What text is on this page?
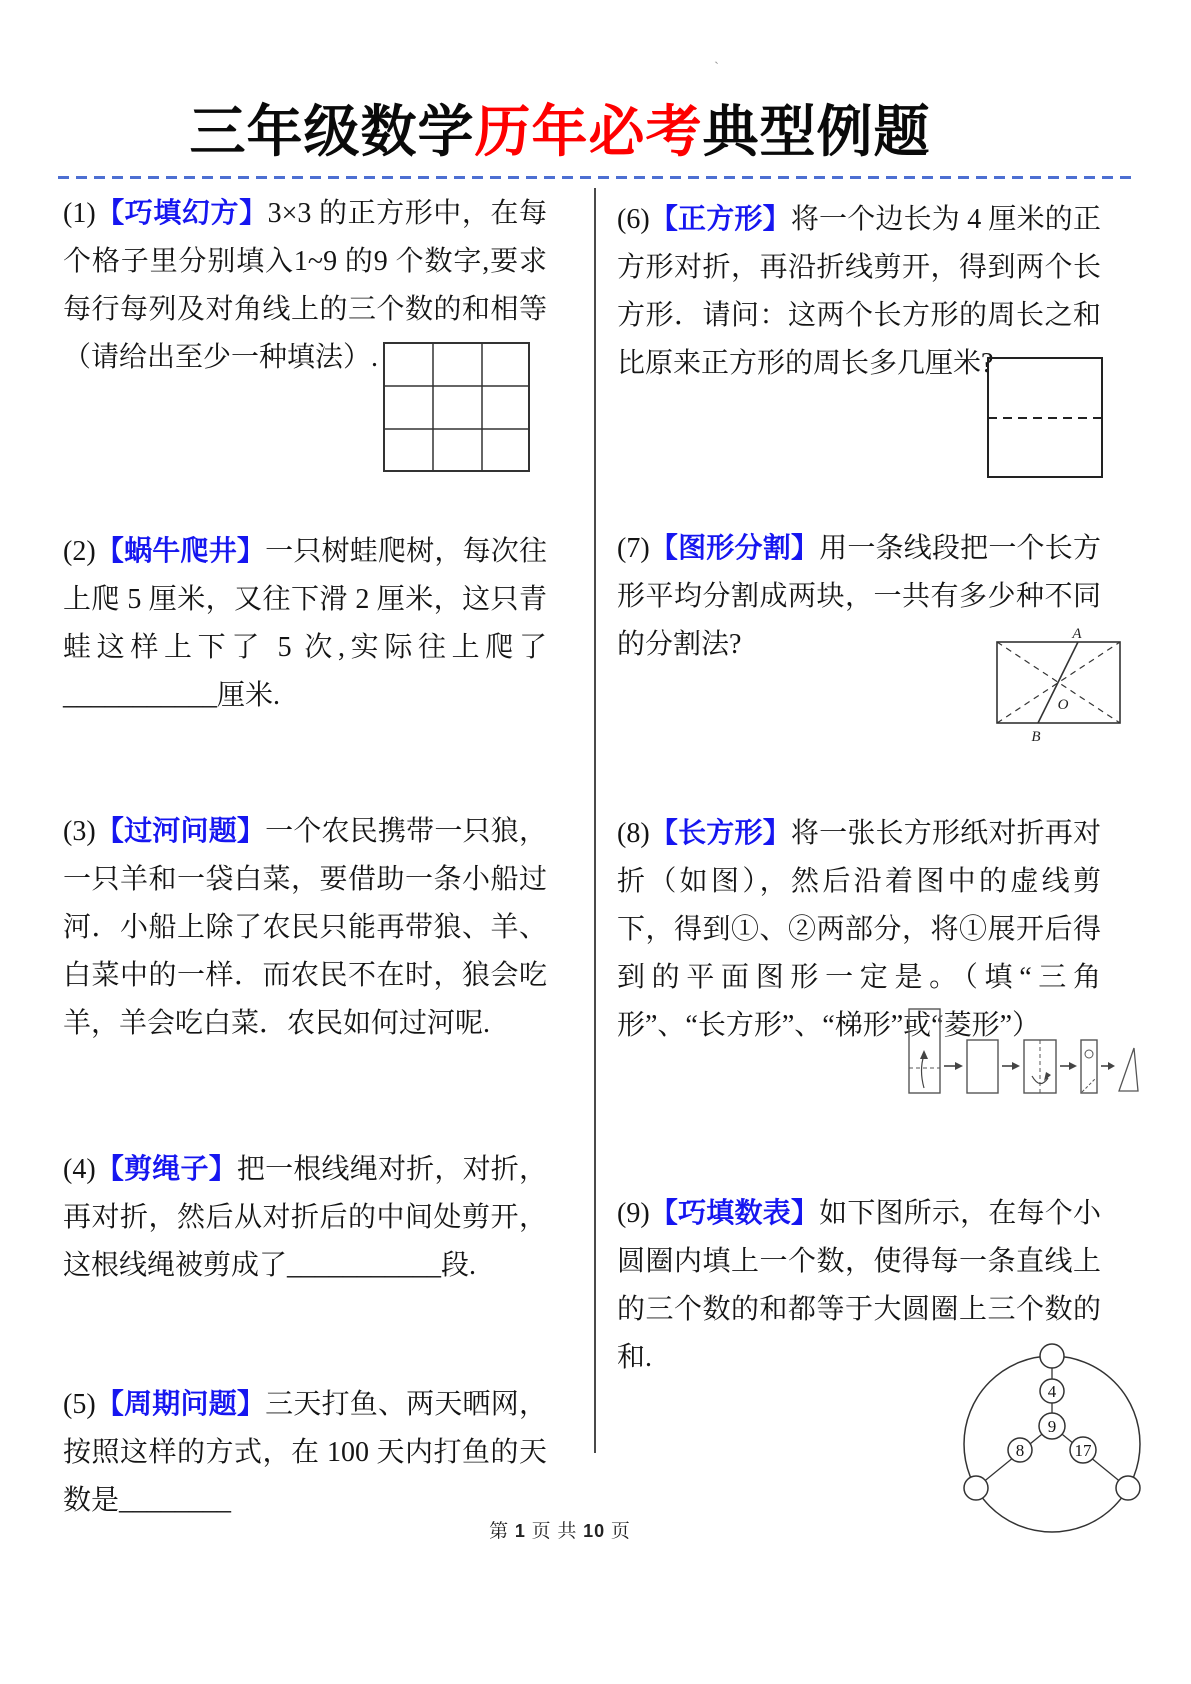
`
三年级数学历年必考典型例题
(1)【巧填幻方】3×3 的正方形中，在每个格子里分别填入1~9 的9 个数字,要求每行每列及对角线上的三个数的和相等（请给出至少一种填法）.
(2)【蜗牛爬井】一只树蛙爬树，每次往上爬 5 厘米，又往下滑 2 厘米，这只青蛙这样上下了 5 次,实际往上爬了___________厘米.
(3)【过河问题】一个农民携带一只狼，一只羊和一袋白菜，要借助一条小船过河．小船上除了农民只能再带狼、羊、白菜中的一样．而农民不在时，狼会吃羊，羊会吃白菜．农民如何过河呢.
(4)【剪绳子】把一根线绳对折，对折，再对折，然后从对折后的中间处剪开，这根线绳被剪成了___________段.
(5)【周期问题】三天打鱼、两天晒网，按照这样的方式，在 100 天内打鱼的天数是________
(6)【正方形】将一个边长为 4 厘米的正方形对折，再沿折线剪开，得到两个长方形．请问：这两个长方形的周长之和比原来正方形的周长多几厘米?
(7)【图形分割】用一条线段把一个长方形平均分割成两块，一共有多少种不同的分割法?
(8)【长方形】将一张长方形纸对折再对折（如图），然后沿着图中的虚线剪下，得到①、②两部分，将①展开后得到的平面图形一定是。（填“三角形”、“长方形”、“梯形”或“菱形”）
(9)【巧填数表】如下图所示，在每个小圆圈内填上一个数，使得每一条直线上的三个数的和都等于大圆圈上三个数的和.
A
O
B
4
9
8	17
第 1 页 共 10 页
